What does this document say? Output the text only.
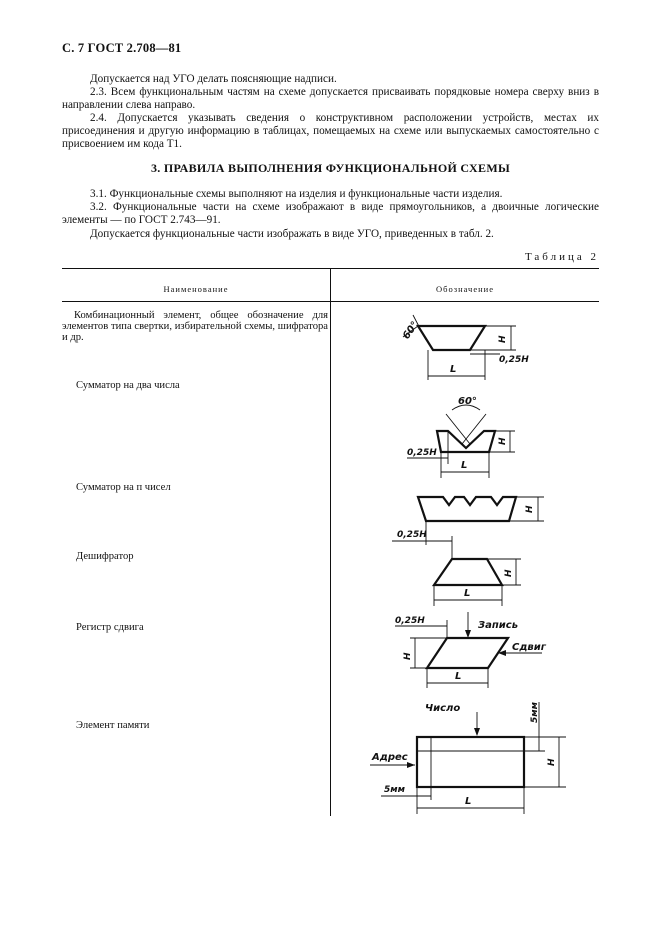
С. 7 ГОСТ 2.708—81
Допускается над УГО делать поясняющие надписи.
2.3. Всем функциональным частям на схеме допускается присваивать порядковые номера сверху вниз в направлении слева направо.
2.4. Допускается указывать сведения о конструктивном расположении устройств, местах их присоединения и другую информацию в таблицах, помещаемых на схеме или выпускаемых самостоятельно с присвоением им кода Т1.
3. ПРАВИЛА ВЫПОЛНЕНИЯ ФУНКЦИОНАЛЬНОЙ СХЕМЫ
3.1. Функциональные схемы выполняют на изделия и функциональные части изделия.
3.2. Функциональные части на схеме изображают в виде прямоугольников, а двоичные логические элементы — по ГОСТ 2.743—91.
Допускается функциональные части изображать в виде УГО, приведенных в табл. 2.
Таблица 2
Наименование	Обозначение
Комбинационный элемент, общее обозначение для элементов типа свертки, избирательной схемы, шифратора и др.
Сумматор на два числа
Сумматор на п чисел
Дешифратор
Регистр сдвига
Элемент памяти
60°	H
0,25H
L
60°
H
0,25H
L
H
0,25H
H
L
Запись
Сдвиг
0,25H
H
L
Число
Адрес
5мм
H
5мм
L
